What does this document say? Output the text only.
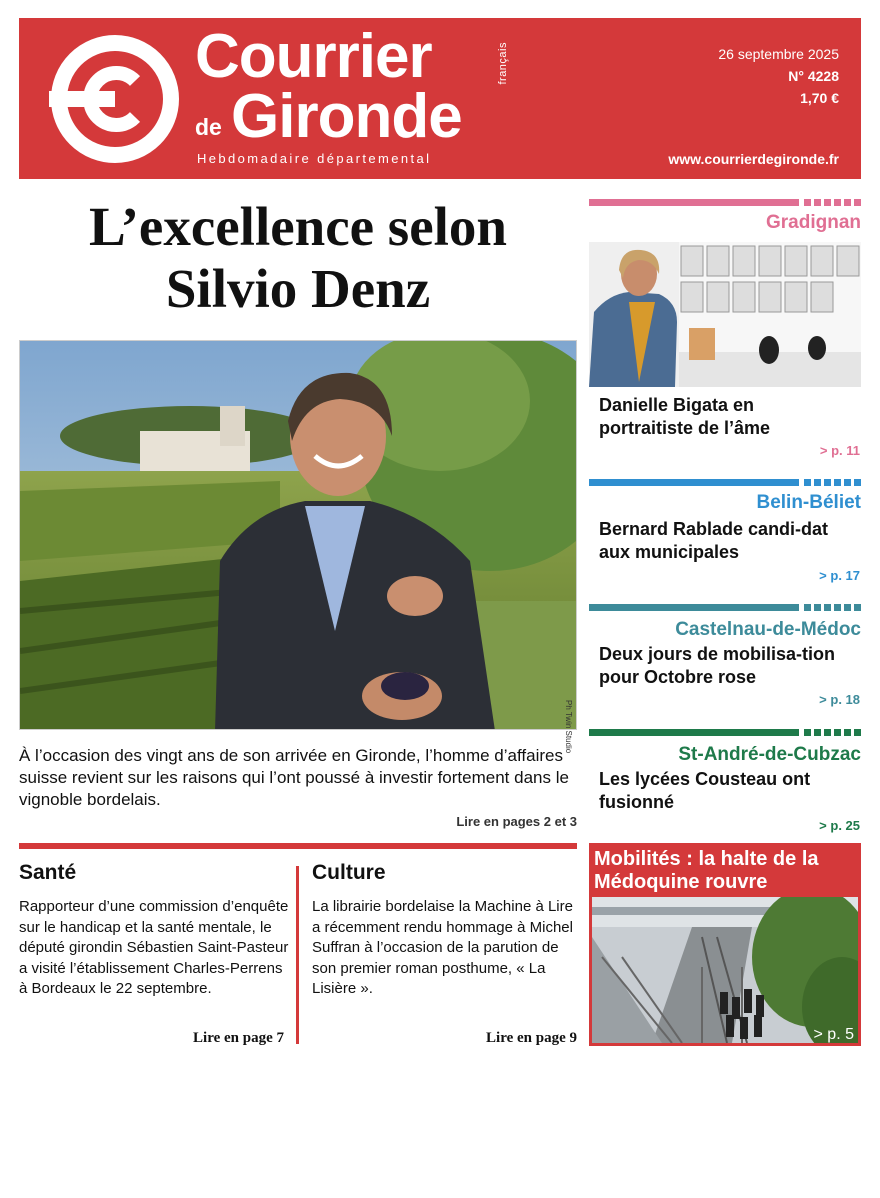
Courrier
de Gironde
français
Hebdomadaire départemental
26 septembre 2025
N° 4228
1,70 €
www.courrierdegironde.fr
L’excellence selon
Silvio Denz
Ph Twin Studio
À l’occasion des vingt ans de son arrivée en Gironde, l’homme d’affaires suisse revient sur les raisons qui l’ont poussé à investir fortement dans le vignoble bordelais.
Lire en pages 2 et 3
Santé
Rapporteur d’une commission d’enquête sur le handicap et la santé mentale, le député girondin Sébastien Saint-Pasteur a visité l’établissement Charles-Perrens à Bordeaux le 22 septembre.
Lire en page 7
Culture
La librairie bordelaise la Machine à Lire a récemment rendu hommage à Michel Suffran à l’occasion de la parution de son premier roman posthume, « La Lisière ».
Lire en page 9
Gradignan
Danielle Bigata en portraitiste de l’âme
> p. 11
Belin-Béliet
Bernard Rablade candi-dat aux municipales
> p. 17
Castelnau-de-Médoc
Deux jours de mobilisa-tion pour Octobre rose
> p. 18
St-André-de-Cubzac
Les lycées Cousteau ont fusionné
> p. 25
Mobilités : la halte de la Médoquine rouvre
> p. 5
